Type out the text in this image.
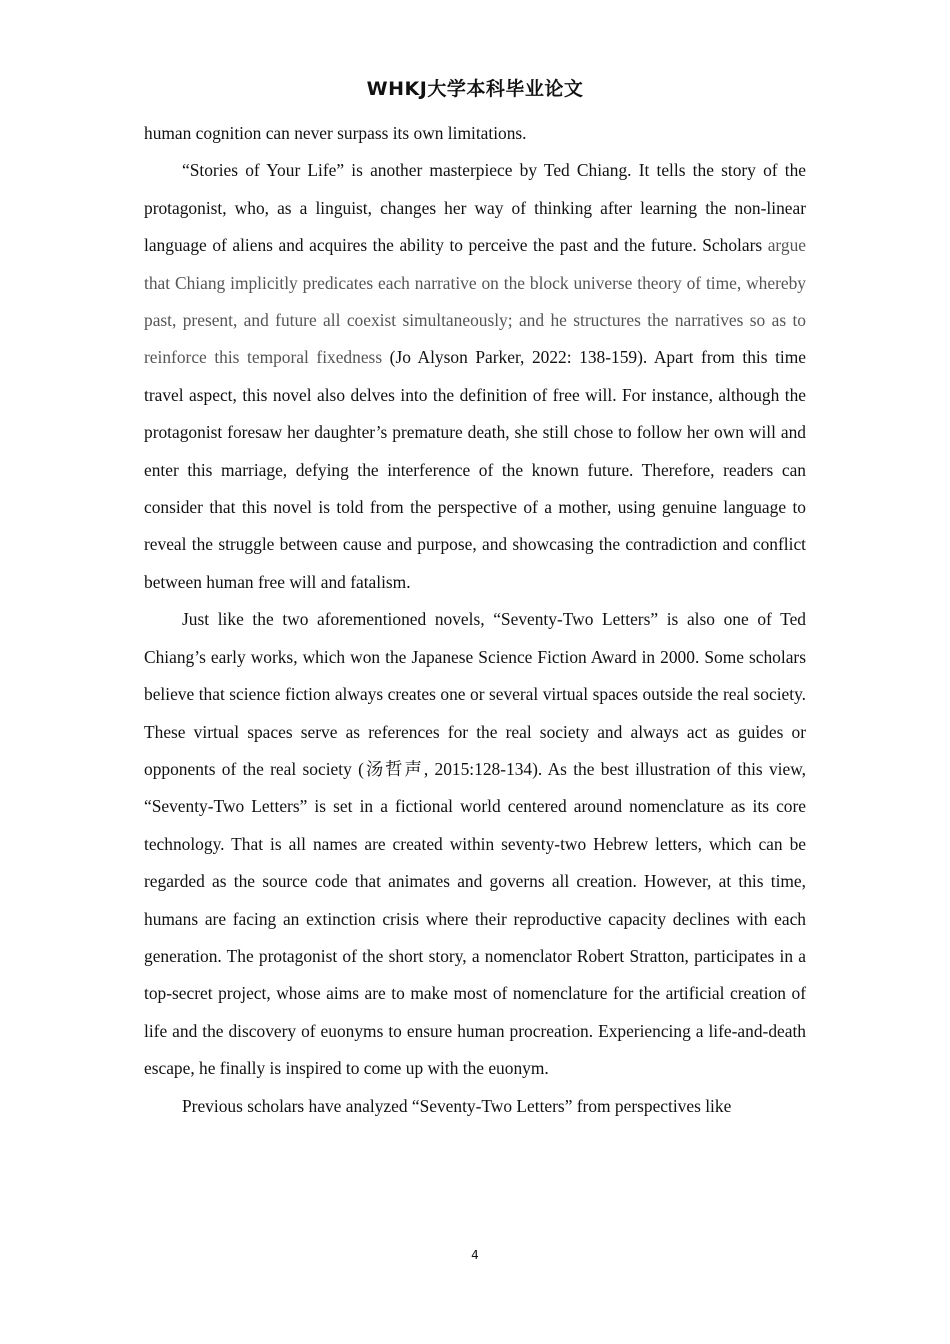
WHKJ大学本科毕业论文

human cognition can never surpass its own limitations.

“Stories of Your Life” is another masterpiece by Ted Chiang. It tells the story of the protagonist, who, as a linguist, changes her way of thinking after learning the non-linear language of aliens and acquires the ability to perceive the past and the future. Scholars argue that Chiang implicitly predicates each narrative on the block universe theory of time, whereby past, present, and future all coexist simultaneously; and he structures the narratives so as to reinforce this temporal fixedness (Jo Alyson Parker, 2022: 138-159). Apart from this time travel aspect, this novel also delves into the definition of free will. For instance, although the protagonist foresaw her daughter’s premature death, she still chose to follow her own will and enter this marriage, defying the interference of the known future. Therefore, readers can consider that this novel is told from the perspective of a mother, using genuine language to reveal the struggle between cause and purpose, and showcasing the contradiction and conflict between human free will and fatalism.

Just like the two aforementioned novels, “Seventy-Two Letters” is also one of Ted Chiang’s early works, which won the Japanese Science Fiction Award in 2000. Some scholars believe that science fiction always creates one or several virtual spaces outside the real society. These virtual spaces serve as references for the real society and always act as guides or opponents of the real society (汤哲声, 2015:128-134). As the best illustration of this view, “Seventy-Two Letters” is set in a fictional world centered around nomenclature as its core technology. That is all names are created within seventy-two Hebrew letters, which can be regarded as the source code that animates and governs all creation. However, at this time, humans are facing an extinction crisis where their reproductive capacity declines with each generation. The protagonist of the short story, a nomenclator Robert Stratton, participates in a top-secret project, whose aims are to make most of nomenclature for the artificial creation of life and the discovery of euonyms to ensure human procreation. Experiencing a life-and-death escape, he finally is inspired to come up with the euonym.

Previous scholars have analyzed “Seventy-Two Letters” from perspectives like

4
